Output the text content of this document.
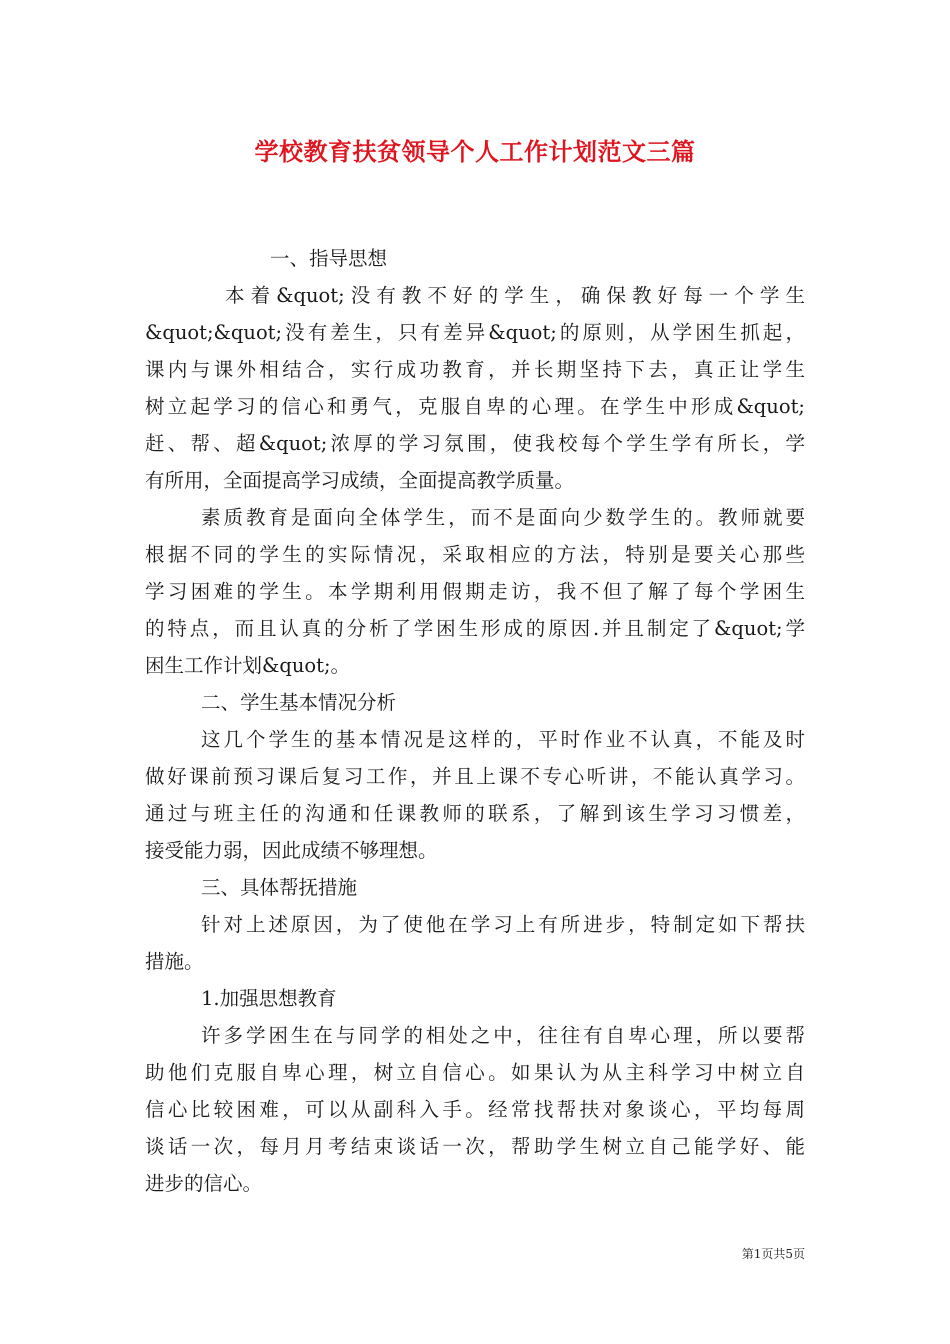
学校教育扶贫领导个人工作计划范文三篇
一、指导思想
本着&quot;没有教不好的学生，确保教好每一个学生
&quot;&quot;没有差生，只有差异&quot;的原则，从学困生抓起，
课内与课外相结合，实行成功教育，并长期坚持下去，真正让学生
树立起学习的信心和勇气，克服自卑的心理。在学生中形成&quot;
赶、帮、超&quot;浓厚的学习氛围，使我校每个学生学有所长，学
有所用，全面提高学习成绩，全面提高教学质量。
素质教育是面向全体学生，而不是面向少数学生的。教师就要
根据不同的学生的实际情况，采取相应的方法，特别是要关心那些
学习困难的学生。本学期利用假期走访，我不但了解了每个学困生
的特点，而且认真的分析了学困生形成的原因.并且制定了&quot;学
困生工作计划&quot;。
二、学生基本情况分析
这几个学生的基本情况是这样的，平时作业不认真，不能及时
做好课前预习课后复习工作，并且上课不专心听讲，不能认真学习。
通过与班主任的沟通和任课教师的联系，了解到该生学习习惯差，
接受能力弱，因此成绩不够理想。
三、具体帮抚措施
针对上述原因，为了使他在学习上有所进步，特制定如下帮扶
措施。
1.加强思想教育
许多学困生在与同学的相处之中，往往有自卑心理，所以要帮
助他们克服自卑心理，树立自信心。如果认为从主科学习中树立自
信心比较困难，可以从副科入手。经常找帮扶对象谈心，平均每周
谈话一次，每月月考结束谈话一次，帮助学生树立自己能学好、能
进步的信心。
第1页共5页
